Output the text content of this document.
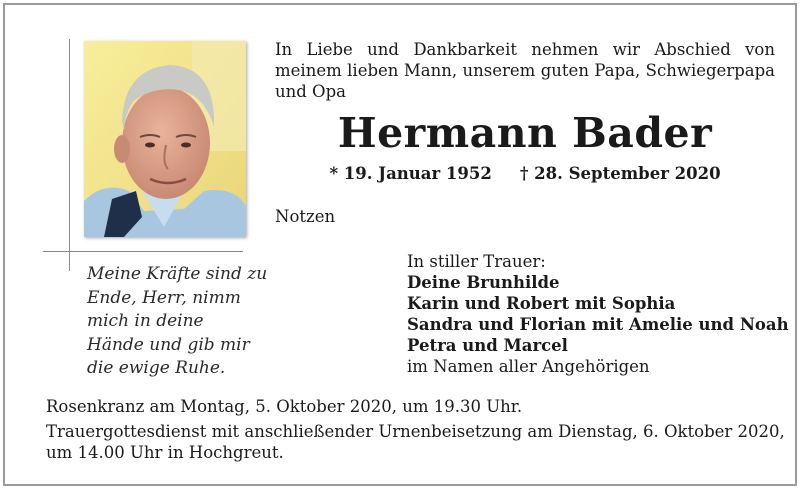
Meine Kräfte sind zu
Ende, Herr, nimm
mich in deine
Hände und gib mir
die ewige Ruhe.
In Liebe und Dankbarkeit nehmen wir Abschied von meinem lieben Mann, unserem guten Papa, Schwiegerpapa und Opa
Hermann Bader
* 19. Januar 1952 † 28. September 2020
Notzen
In stiller Trauer:
Deine Brunhilde
Karin und Robert mit Sophia
Sandra und Florian mit Amelie und Noah
Petra und Marcel
im Namen aller Angehörigen
Rosenkranz am Montag, 5. Oktober 2020, um 19.30 Uhr.
Trauergottesdienst mit anschließender Urnenbeisetzung am Dienstag, 6. Oktober 2020,
um 14.00 Uhr in Hochgreut.
